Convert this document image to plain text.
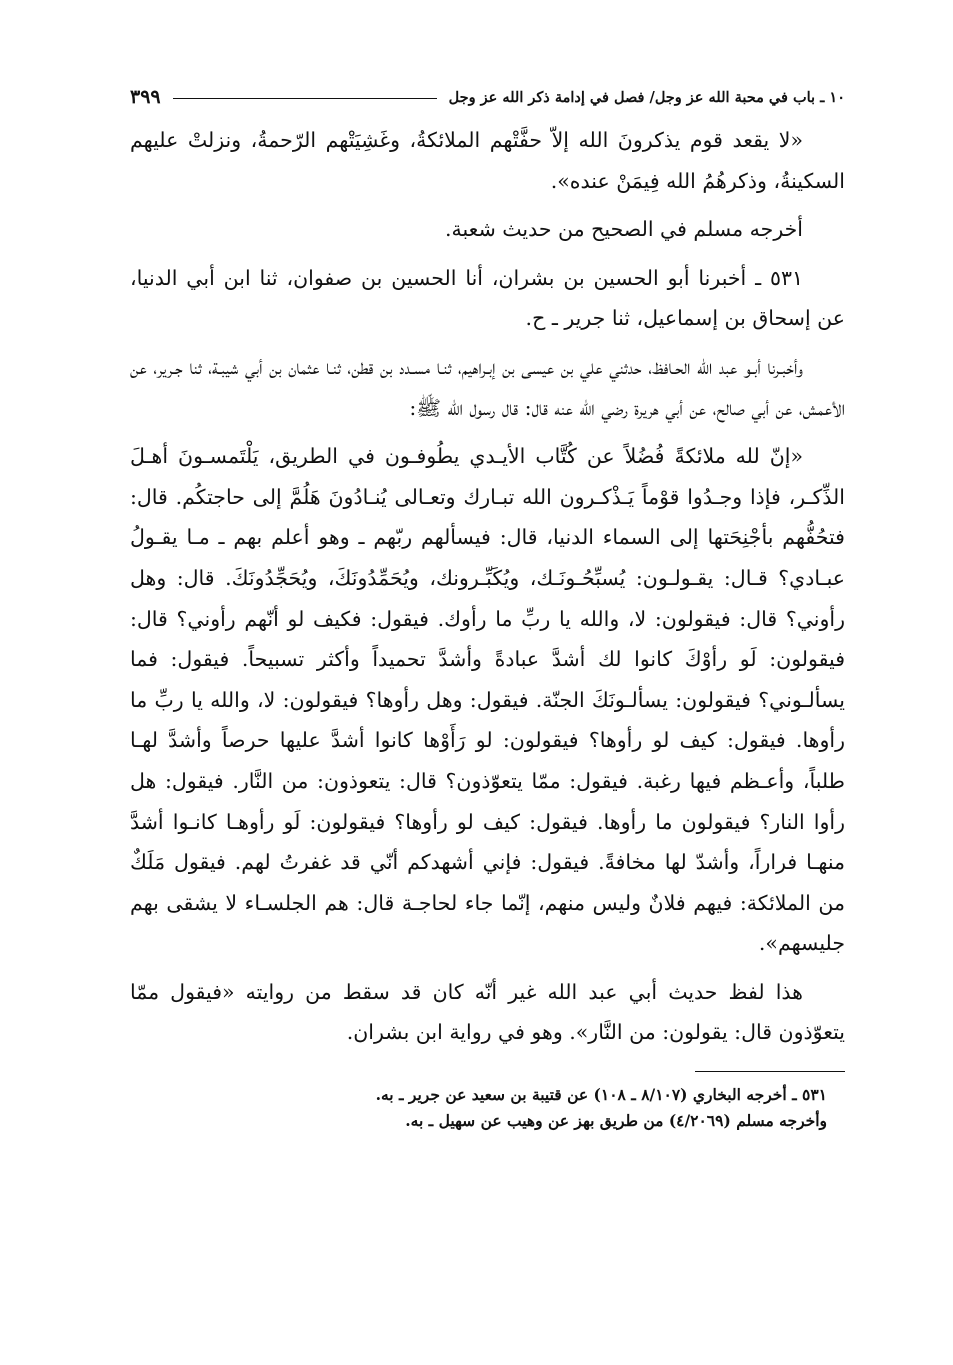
١٠ ـ باب في محبة الله عز وجل/ فصل في إدامة ذكر الله عز وجل
٣٩٩

«لا يقعد قوم يذكرونَ الله إلاّ حفَّتْهم الملائكةُ، وغَشِيَتْهم الرّحمةُ، ونزلتْ عليهم السكينةُ، وذكرهُمُ الله فِيمَنْ عنده».

أخرجه مسلم في الصحيح من حديث شعبة.

٥٣١ ـ أخبرنا أبو الحسين بن بشران، أنا الحسين بن صفوان، ثنا ابن أبي الدنيا، عن إسحاق بن إسماعيل، ثنا جرير ـ ح.

وأخبـرنا أبـو عبد الله الحـافظ، حدثني علي بن عيسى بن إبـراهيم، ثنـا مسـدد بن قطن، ثنـا عثمان بن أبي شيبـة، ثنا جـرير، عن الأعمش، عن أبي صالح، عن أبي هريرة رضي الله عنه قال: قال رسول الله ﷺ:

«إنّ لله ملائكةً فُضُلاً عن كُتَّاب الأيـدي يطُوفـون في الطريق، يَلْتَمسـونَ أهـلَ الذِّكـر، فإذا وجـدُوا قوْماً يَـذْكـرون الله تبـارك وتعـالى يُنـادُونَ هَلُمَّ إلى حاجتكُم. قال: فتحُفُّهم بأجْنِحَتها إلى السماء الدنيا، قال: فيسألهم ربّهم ـ وهو أعلم بهم ـ مـا يقـولُ عبـادي؟ قـال: يقـولـون: يُسبِّحُـونَـك، ويُكَبِّـرونك، ويُحَمِّدُونَكَ، ويُحَجِّدُونَكَ. قال: وهل رأوني؟ قال: فيقولون: لا، والله يا ربِّ ما رأوك. فيقول: فكيف لو أنّهم رأوني؟ قال: فيقولون: لَو رأوْكَ كانوا لك أشدَّ عبادةً وأشدَّ تحميداً وأكثر تسبيحاً. فيقول: فما يسألـوني؟ فيقولون: يسألـونَكَ الجنّة. فيقول: وهل رأوها؟ فيقولون: لا، والله يا ربِّ ما رأوها. فيقول: كيف لو رأوها؟ فيقولون: لو رَأَوْها كانوا أشدَّ عليها حرصاً وأشدَّ لهـا طلباً، وأعـظم فيها رغبة. فيقول: ممّا يتعوّذون؟ قال: يتعوذون: من النَّار. فيقول: هل رأوا النار؟ فيقولون ما رأوها. فيقول: كيف لو رأوها؟ فيقولون: لَو رأوهـا كانـوا أشدَّ منهـا فراراً، وأشدّ لها مخافةً. فيقول: فإني أشهدكم أنّي قد غفرتُ لهم. فيقول مَلَكٌ من الملائكة: فيهم فلانٌ وليس منهم، إنّما جاء لحاجـة قال: هم الجلسـاء لا يشقى بهم جليسهم».

هذا لفظ حديث أبي عبد الله غير أنّه كان قد سقط من روايته «فيقول ممّا يتعوّذون قال: يقولون: من النَّار». وهو في رواية ابن بشران.

٥٣١ ـ أخرجه البخاري (٨/١٠٧ ـ ١٠٨) عن قتيبة بن سعيد عن جرير ـ به.

وأخرجه مسلم (٤/٢٠٦٩) من طريق بهز عن وهيب عن سهيل ـ به.
